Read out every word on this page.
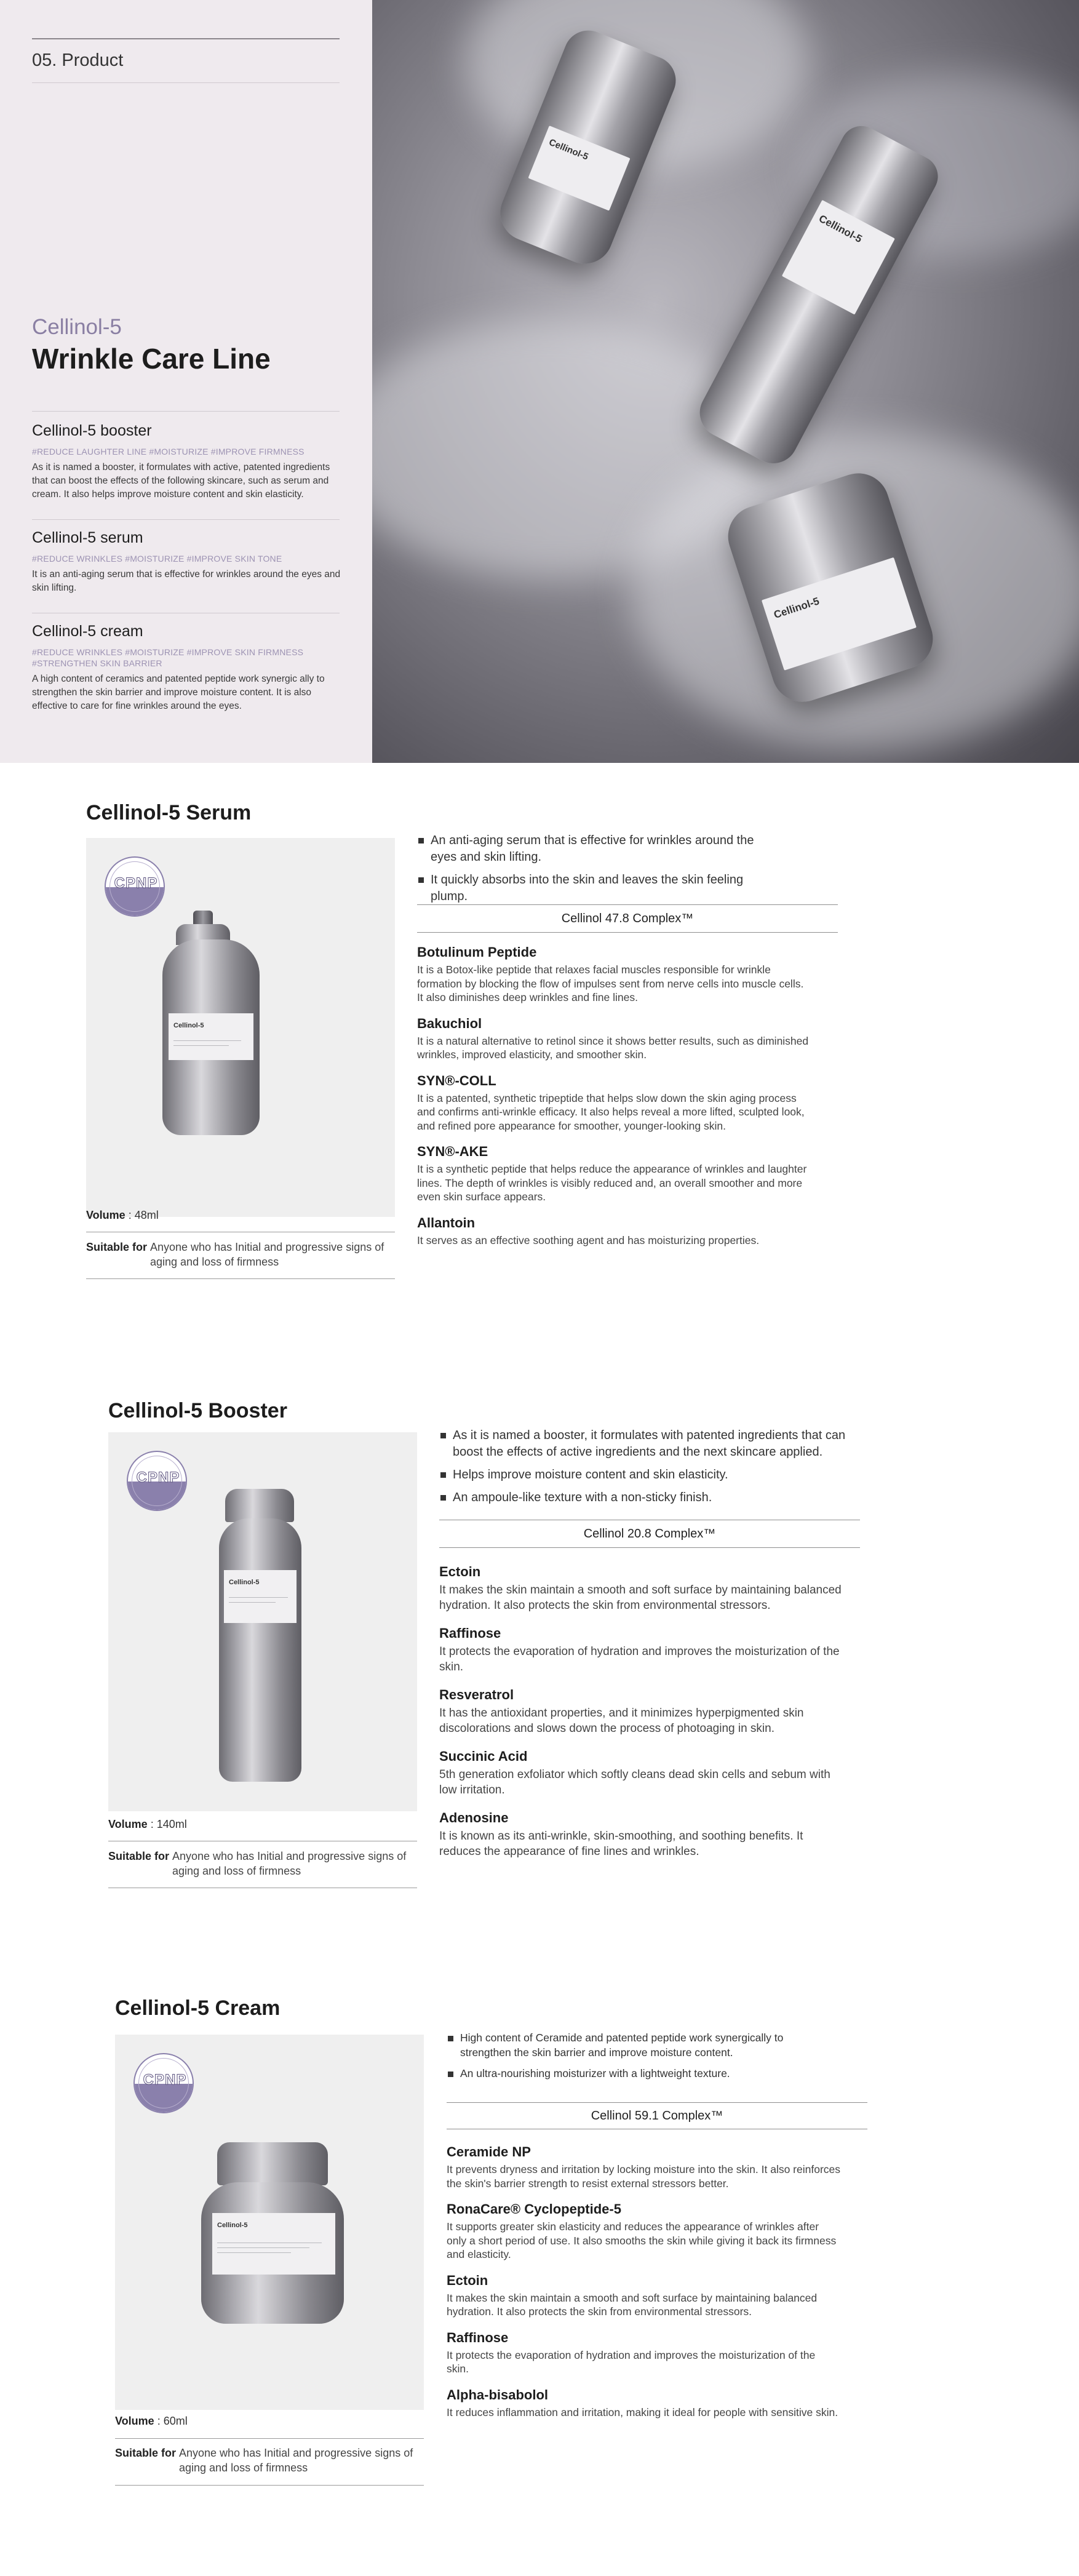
05. Product
Cellinol-5
Wrinkle Care Line
Cellinol-5 booster
#REDUCE LAUGHTER LINE #MOISTURIZE #IMPROVE FIRMNESS
As it is named a booster, it formulates with active, patented ingredients that can boost the effects of the following skincare, such as serum and cream. It also helps improve moisture content and skin elasticity.
Cellinol-5 serum
#REDUCE WRINKLES #MOISTURIZE #IMPROVE SKIN TONE
It is an anti-aging serum that is effective for wrinkles around the eyes and skin lifting.
Cellinol-5 cream
#REDUCE WRINKLES #MOISTURIZE #IMPROVE SKIN FIRMNESS #STRENGTHEN SKIN BARRIER
A high content of ceramics and patented peptide work synergic ally to strengthen the skin barrier and improve moisture content. It is also effective to care for fine wrinkles around the eyes.
Cellinol-5
Cellinol-5
Cellinol-5
Cellinol-5 Serum
CPNP
Cellinol-5
Volume : 48ml
Suitable for Anyone who has Initial and progressive signs of
aging and loss of firmness
An anti-aging serum that is effective for wrinkles around the eyes and skin lifting.
It quickly absorbs into the skin and leaves the skin feeling plump.
Cellinol 47.8 Complex™
Botulinum Peptide

It is a Botox-like peptide that relaxes facial muscles responsible for wrinkle formation by blocking the flow of impulses sent from nerve cells into muscle cells. It also diminishes deep wrinkles and fine lines.

Bakuchiol

It is a natural alternative to retinol since it shows better results, such as diminished wrinkles, improved elasticity, and smoother skin.

SYN®-COLL

It is a patented, synthetic tripeptide that helps slow down the skin aging process and confirms anti-wrinkle efficacy. It also helps reveal a more lifted, sculpted look, and refined pore appearance for smoother, younger-looking skin.

SYN®-AKE

It is a synthetic peptide that helps reduce the appearance of wrinkles and laughter lines. The depth of wrinkles is visibly reduced and, an overall smoother and more even skin surface appears.

Allantoin

It serves as an effective soothing agent and has moisturizing properties.

Cellinol-5 Booster
CPNP
Cellinol-5
Volume : 140ml
Suitable for Anyone who has Initial and progressive signs of
aging and loss of firmness
As it is named a booster, it formulates with patented ingredients that can boost the effects of active ingredients and the next skincare applied.
Helps improve moisture content and skin elasticity.
An ampoule-like texture with a non-sticky finish.
Cellinol 20.8 Complex™
Ectoin

It makes the skin maintain a smooth and soft surface by maintaining balanced hydration. It also protects the skin from environmental stressors.

Raffinose

It protects the evaporation of hydration and improves the moisturization of the skin.

Resveratrol

It has the antioxidant properties, and it minimizes hyperpigmented skin discolorations and slows down the process of photoaging in skin.

Succinic Acid

5th generation exfoliator which softly cleans dead skin cells and sebum with low irritation.

Adenosine

It is known as its anti-wrinkle, skin-smoothing, and soothing benefits. It reduces the appearance of fine lines and wrinkles.

Cellinol-5 Cream
CPNP
Cellinol-5
Volume : 60ml
Suitable for Anyone who has Initial and progressive signs of
aging and loss of firmness
High content of Ceramide and patented peptide work synergically to strengthen the skin barrier and improve moisture content.
An ultra-nourishing moisturizer with a lightweight texture.
Cellinol 59.1 Complex™
Ceramide NP

It prevents dryness and irritation by locking moisture into the skin. It also reinforces the skin's barrier strength to resist external stressors better.

RonaCare® Cyclopeptide-5

It supports greater skin elasticity and reduces the appearance of wrinkles after only a short period of use. It also smooths the skin while giving it back its firmness and elasticity.

Ectoin

It makes the skin maintain a smooth and soft surface by maintaining balanced hydration. It also protects the skin from environmental stressors.

Raffinose

It protects the evaporation of hydration and improves the moisturization of the skin.

Alpha-bisabolol

It reduces inflammation and irritation, making it ideal for people with sensitive skin.
